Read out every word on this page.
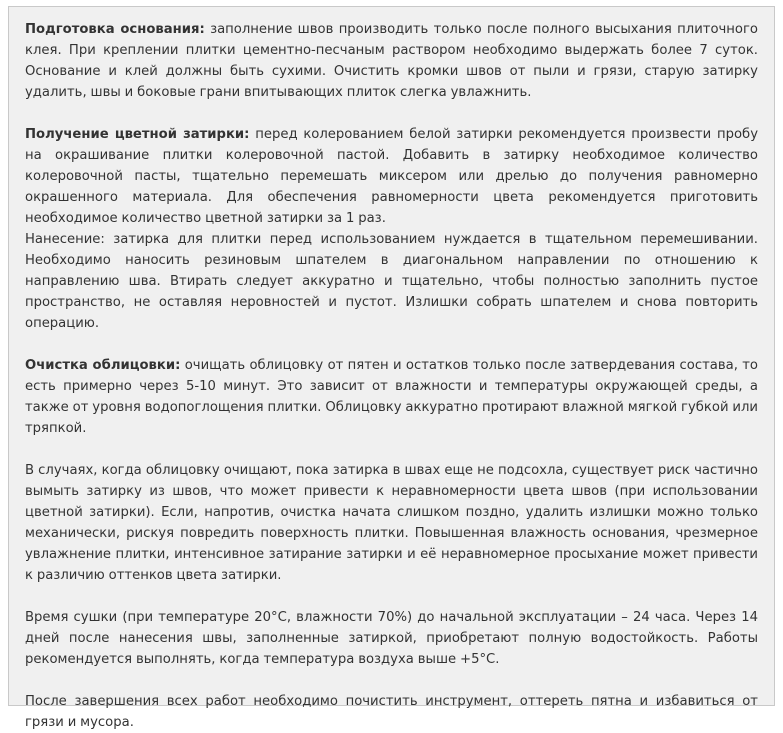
Подготовка основания: заполнение швов производить только после полного высыхания плиточного клея. При креплении плитки цементно-песчаным раствором необходимо выдержать более 7 суток. Основание и клей должны быть сухими. Очистить кромки швов от пыли и грязи, старую затирку удалить, швы и боковые грани впитывающих плиток слегка увлажнить.

Получение цветной затирки: перед колерованием белой затирки рекомендуется произвести пробу на окрашивание плитки колеровочной пастой. Добавить в затирку необходимое количество колеровочной пасты, тщательно перемешать миксером или дрелью до получения равномерно окрашенного материала. Для обеспечения равномерности цвета рекомендуется приготовить необходимое количество цветной затирки за 1 раз.

Нанесение: затирка для плитки перед использованием нуждается в тщательном перемешивании. Необходимо наносить резиновым шпателем в диагональном направлении по отношению к направлению шва. Втирать следует аккуратно и тщательно, чтобы полностью заполнить пустое пространство, не оставляя неровностей и пустот. Излишки собрать шпателем и снова повторить операцию.

Очистка облицовки: очищать облицовку от пятен и остатков только после затвердевания состава, то есть примерно через 5-10 минут. Это зависит от влажности и температуры окружающей среды, а также от уровня водопоглощения плитки. Облицовку аккуратно протирают влажной мягкой губкой или тряпкой.

В случаях, когда облицовку очищают, пока затирка в швах еще не подсохла, существует риск частично вымыть затирку из швов, что может привести к неравномерности цвета швов (при использовании цветной затирки). Если, напротив, очистка начата слишком поздно, удалить излишки можно только механически, рискуя повредить поверхность плитки. Повышенная влажность основания, чрезмерное увлажнение плитки, интенсивное затирание затирки и её неравномерное просыхание может привести к различию оттенков цвета затирки.

Время сушки (при температуре 20°С, влажности 70%) до начальной эксплуатации – 24 часа. Через 14 дней после нанесения швы, заполненные затиркой, приобретают полную водостойкость. Работы рекомендуется выполнять, когда температура воздуха выше +5°С.

После завершения всех работ необходимо почистить инструмент, оттереть пятна и избавиться от грязи и мусора.
